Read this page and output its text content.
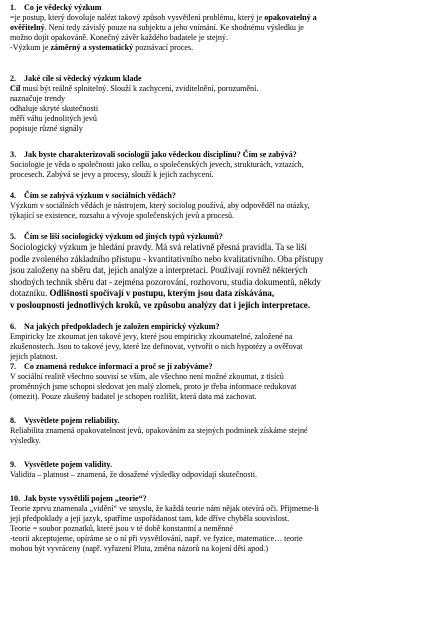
1. Co je vědecký výzkum

=je postup, který dovoluje nalézt takový způsob vysvětlení problému, který je opakovatelný a

ověřitelný. Není tedy závislý pouze na subjektu a jeho vnímání. Ke shodnému výsledku je

možno dojít opakováně. Konečný závěr každého badatele je stejný.

-Výzkum je záměrný a systematický poznávací proces.

2. Jaké cíle si vědecký výzkum klade

Cíl musí být reálně splnitelný. Slouží k zachycení, zviditelnění, porozumění.

naznačuje trendy

odhaluje skryté skutečnosti

měří váhu jednolitých jevů

popisuje různé signály

3. Jak byste charakterizovali sociologii jako vědeckou disciplínu? Čím se zabývá?

Sociologie je věda o společnosti jako celku, o společenských jevech, strukturách, vztazích,

procesech. Zabývá se jevy a procesy, slouží k jejich zachycení.

4. Čím se zabývá výzkum v sociálních vědách?

Výzkum v sociálních vědách je nástrojem, který sociolog používá, aby odpověděl na otázky,

týkající se existence, rozsahu a vývoje společenských jevů a procesů.

5. Čím se liší sociologický výzkum od jiných typů výzkumů?

Sociologický výzkum je hledání pravdy. Má svá relativně přesná pravidla. Ta se liší

podle zvoleného základního přístupu - kvantitativního nebo kvalitativního. Oba přístupy

jsou založeny na sběru dat, jejich analýze a interpretaci. Používají rovněž některých

shodných technik sběru dat - zejména pozorování, rozhovoru, studia dokumentů, někdy

dotazníku. Odlišnosti spočívají v postupu, kterým jsou data získávána,

v posloupnosti jednotlivých kroků, ve způsobu analýzy dat i jejich interpretace.

6. Na jakých předpokladech je založen empirický výzkum?

Empiricky lze zkoumat jen takové jevy, které jsou empiricky zkoumatelné, založené na

zkušenostech. Jsou to takové jevy, které lze definovat, vytvořit o nich hypotézy a ověřovat

jejich platnost.

7. Co znamená redukce informací a proč se jí zabýváme?

V sociální realitě všechno souvisí se vším, ale všechno není možné zkoumat, z tisíců

proměnných jsme schopni sledovat jen malý zlomek, proto je třeba informace redukovat

(omezit). Pouze zkušený badatel je schopen rozlišit, která data má zachovat.

8. Vysvětlete pojem reliability.

Reliabilita znamená opakovatelnost jevů, opakováním za stejných podmínek získáme stejné

výsledky.

9. Vysvětlete pojem validity.

Validita – platnost – znamená, že dosažené výsledky odpovídají skutečnosti.

10. Jak byste vysvětlili pojem „teorie“?

Teorie zprvu znamenala „vidění“ ve smyslu, že každá teorie nám nějak otevírá oči. Přijmeme-li

její předpoklady a její jazyk, spatříme uspořádanost tam, kde dříve chyběla souvislost.

Teorie = soubor poznatků, které jsou v té době konstantní a neměnné

-teorii akceptujeme, opíráme se o ní při vysvětlování, např. ve fyzice, matematice… teorie

mohou být vyvráceny (např. vyřazení Pluta, změna názorů na kojení dětí apod.)
